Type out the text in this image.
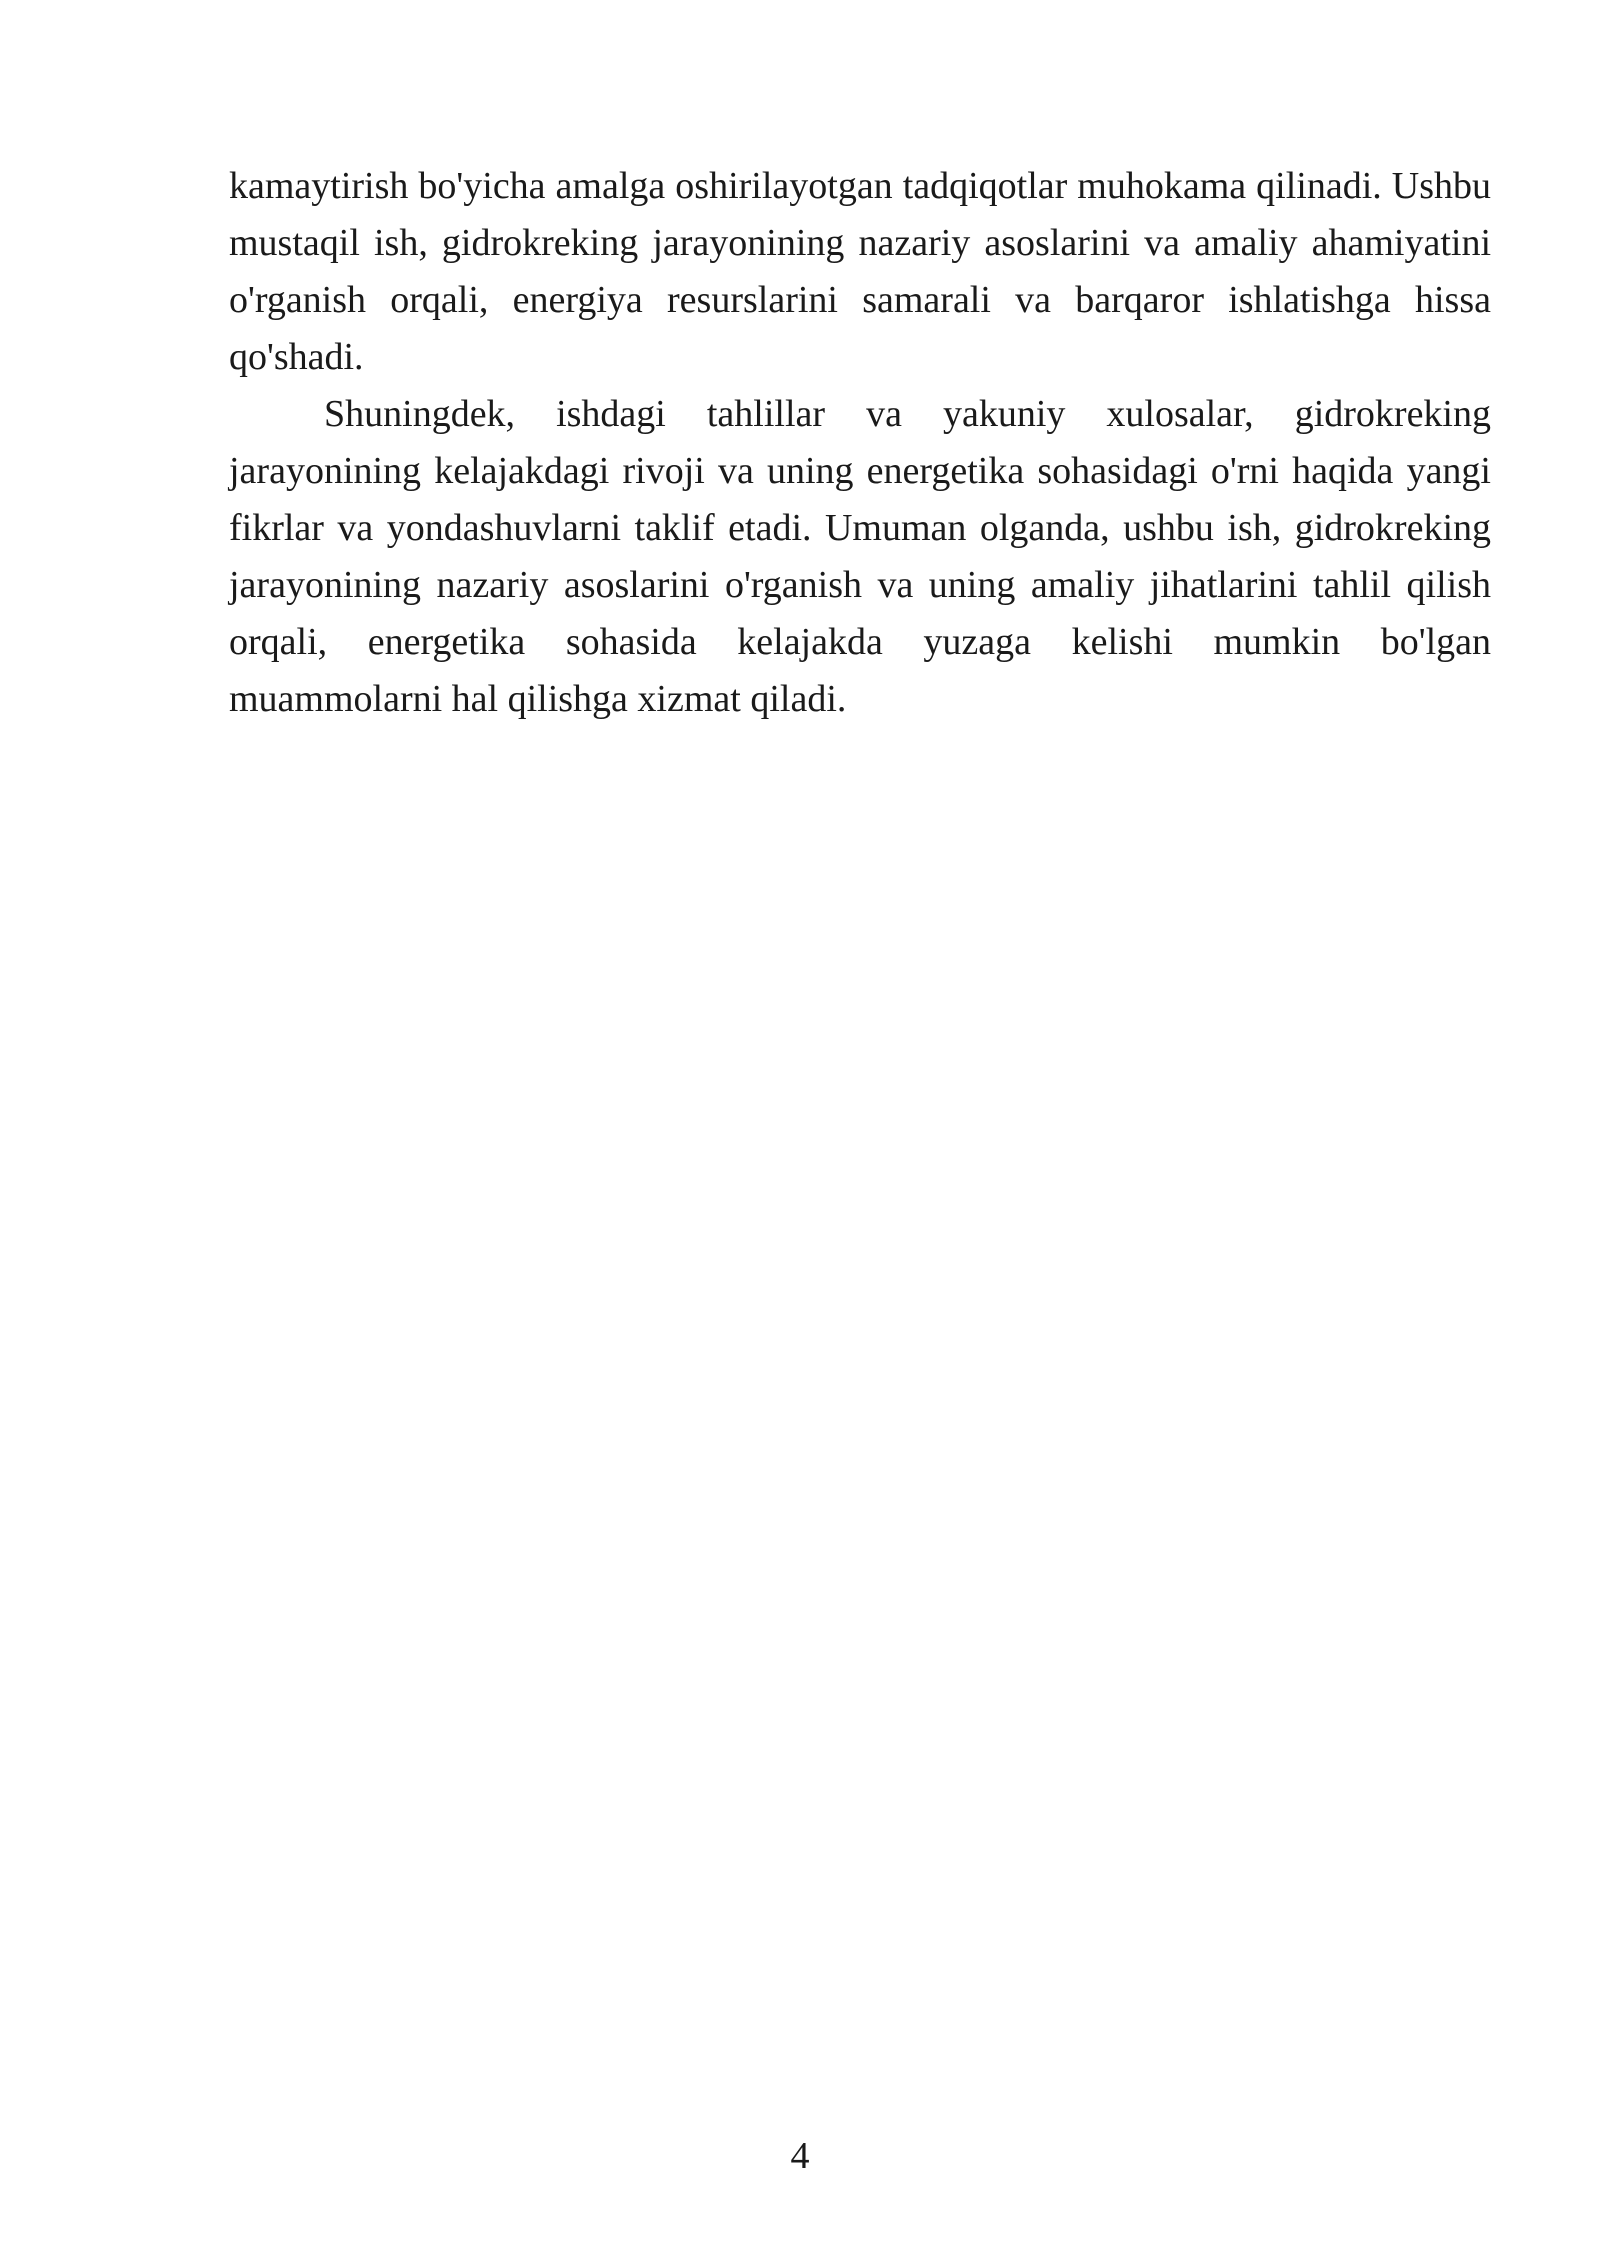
kamaytirish bo'yicha amalga oshirilayotgan tadqiqotlar muhokama qilinadi. Ushbu mustaqil ish, gidrokreking jarayonining nazariy asoslarini va amaliy ahamiyatini o'rganish orqali, energiya resurslarini samarali va barqaror ishlatishga hissa qo'shadi.

Shuningdek, ishdagi tahlillar va yakuniy xulosalar, gidrokreking jarayonining kelajakdagi rivoji va uning energetika sohasidagi o'rni haqida yangi fikrlar va yondashuvlarni taklif etadi. Umuman olganda, ushbu ish, gidrokreking jarayonining nazariy asoslarini o'rganish va uning amaliy jihatlarini tahlil qilish orqali, energetika sohasida kelajakda yuzaga kelishi mumkin bo'lgan muammolarni hal qilishga xizmat qiladi.

4
